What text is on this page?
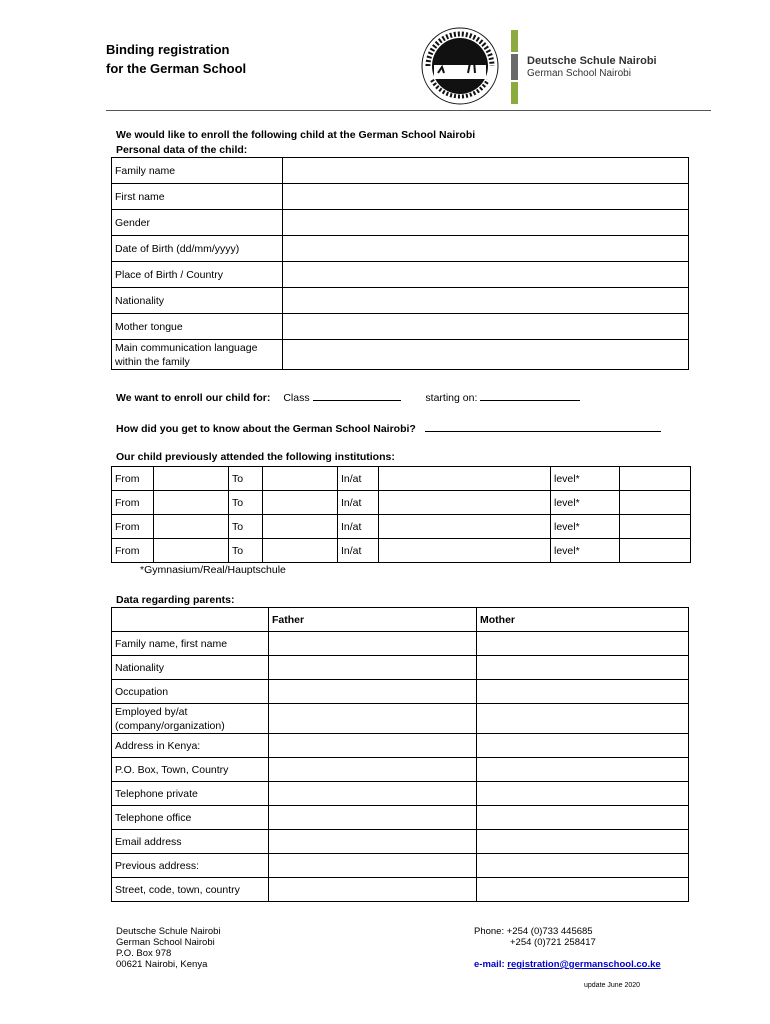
Binding registration
for the German School	Deutsche Schule Nairobi
German School Nairobi
We would like to enroll the following child at the German School Nairobi
Personal data of the child:
Family name	
First name	
Gender	
Date of Birth (dd/mm/yyyy)	
Place of Birth / Country	
Nationality	
Mother tongue	
Main communication language within the family	
We want to enroll our child for: Class	starting on:
How did you get to know about the German School Nairobi?
Our child previously attended the following institutions:
From		To		In/at		level*	
From		To		In/at		level*	
From		To		In/at		level*	
From		To		In/at		level*	
*Gymnasium/Real/Hauptschule
Data regarding parents:
	Father	Mother
Family name, first name		
Nationality		
Occupation		
Employed by/at (company/organization)		
Address in Kenya:		
P.O. Box, Town, Country		
Telephone private		
Telephone office		
Email address		
Previous address:		
Street, code, town, country		
Deutsche Schule Nairobi
German School Nairobi
P.O. Box 978
00621 Nairobi, Kenya
Phone: +254 (0)733 445685
+254 (0)721 258417
e-mail: registration@germanschool.co.ke
update June 2020
